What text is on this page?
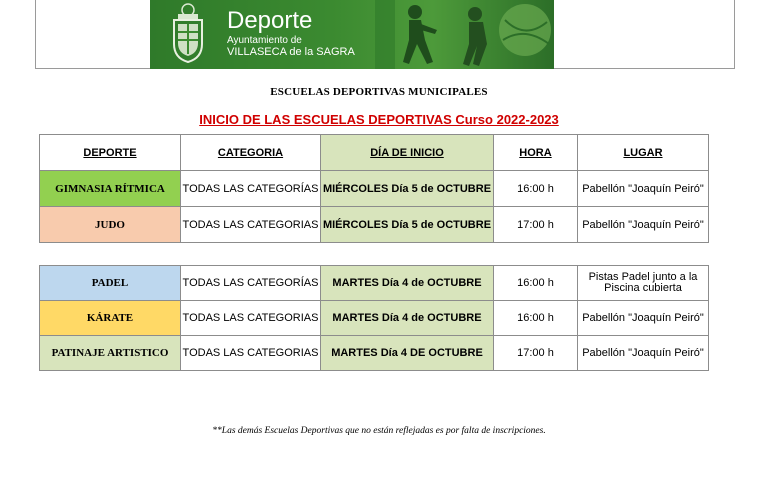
Deporte
Ayuntamiento de
VILLASECA de la SAGRA
ESCUELAS DEPORTIVAS MUNICIPALES
INICIO DE LAS ESCUELAS DEPORTIVAS Curso 2022-2023
DEPORTE	CATEGORIA	DÍA DE INICIO	HORA	LUGAR
GIMNASIA RÍTMICA	TODAS LAS CATEGORÍAS	MIÉRCOLES Día 5 de OCTUBRE	16:00 h	Pabellón "Joaquín Peiró"
JUDO	TODAS LAS CATEGORIAS	MIÉRCOLES Día 5 de OCTUBRE	17:00 h	Pabellón "Joaquín Peiró"
PADEL	TODAS LAS CATEGORÍAS	MARTES Día 4 de OCTUBRE	16:00 h	Pistas Padel junto a la Piscina cubierta
KÁRATE	TODAS LAS CATEGORIAS	MARTES Día 4 de OCTUBRE	16:00 h	Pabellón "Joaquín Peiró"
PATINAJE ARTISTICO	TODAS LAS CATEGORIAS	MARTES Día 4 DE OCTUBRE	17:00 h	Pabellón "Joaquín Peiró"
**Las demás Escuelas Deportivas que no están reflejadas es por falta de inscripciones.
